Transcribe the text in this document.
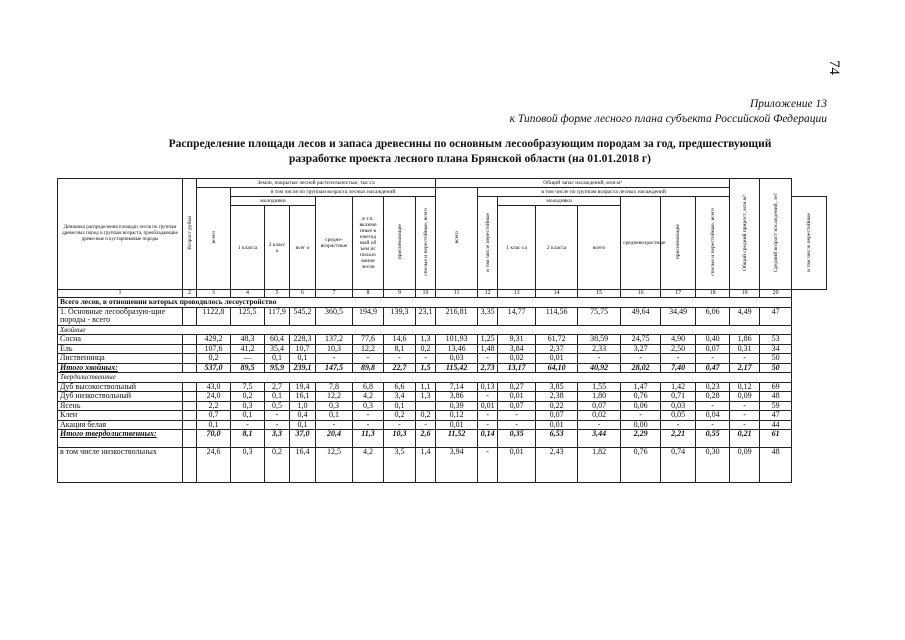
74
Приложение 13
к Типовой форме лесного плана субъекта Российской Федерации
Распределение площади лесов и запаса древесины по основным лесообразующим породам за год, предшествующий
разработке проекта лесного плана Брянской области (на 01.01.2018 г)
Динамика распределения площади лесов по группам древесных пород и группам возраста, преобладающие древесные и кустарниковые породы	Возраст рубки	Земли, покрытые лесной растительностью, тыс.га								Общий запас насаждений, млн.м³								Общий средний прирост, млн.м³	Средний возраст насаждений, лет	
		всего	в том числе по группам возраста лесных насаждений							всего	в том числе по группам возраста лесных насаждений									
			молодняки			средне-возрастные	в т.ч. включе нные в ежегод ный об ъем ис пользо вания лесов	приспевающие	спелые и перестойные, всего		в том числе перестойные	молодняки			средневозрастные	приспевающие	спелые и перестойные, всего			в том числе перестойные
			1 класса	2 класс а	всег о							1 клас са	2 класса	всего						
1	2	3	4	5	6	7	8	9	10	11	12	13	14	15	16	17	18	19	20	
Всего лесов, в отношении которых проводилось лесоустройство																				
1. Основные лесообразую-щие породы - всего		1122,8	125,5	117,9	545,2	360,5	194,9	139,3	23,1	216,81	3,35	14,77	114,56	75,75	49,64	34,49	6,06	4,49	47	
Хвойные																				
Сосна		429,2	48,3	60,4	228,3	137,2	77,6	14,6	1,3	101,93	1,25	9,31	61,72	38,59	24,75	4,90	0,40	1,86	53	
Ель		107,6	41,2	35,4	10,7	10,3	12,2	8,1	0,2	13,46	1,48	3,84	2,37	2,33	3,27	2,50	0,07	0,31	34	
Лиственница		0,2	—	0,1	0,1	-	-	-	-	0,03	-	0,02	0,01	-	-	-	-	-	50	
Итого хвойных:		537,0	89,5	95,9	239,1	147,5	89,8	22,7	1,5	115,42	2,73	13,17	64,10	40,92	28,02	7,40	0,47	2,17	50	
Твердолиственные																				
Дуб высокоствольный		43,0	7,5	2,7	19,4	7,8	6,8	6,6	1,1	7,14	0,13	0,27	3,85	1,55	1,47	1,42	0,23	0,12	69	
Дуб низкоствольный		24,0	0,2	0,1	16,1	12,2	4,2	3,4	1,3	3,86	-	0,01	2,38	1,80	0,76	0,71	0,28	0,09	48	
Ясень		2,2	0,3	0,5	1,0	0,3	0,3	0,1		0,39	0,01	0,07	0,22	0,07	0,06	0,03	-	-	59	
Клен		0,7	0,1	-	0,4	0,1	-	0,2	0,2	0,12	-	-	0,07	0,02	-	0,05	0,04	-	47	
Акация белая		0,1	-	-	0,1	-	-	-	-	0,01	-	-	0,01	-	0,00	-	-	-	44	
Итого твердолиственных:		70,0	8,1	3,3	37,0	20,4	11,3	10,3	2,6	11,52	0,14	0,35	6,53	3,44	2,29	2,21	0,55	0,21	61	
в том числе низкоствольных		24,6	0,3	0,2	16,4	12,5	4,2	3,5	1,4	3,94	-	0,01	2,43	1,82	0,76	0,74	0,30	0,09	48	
